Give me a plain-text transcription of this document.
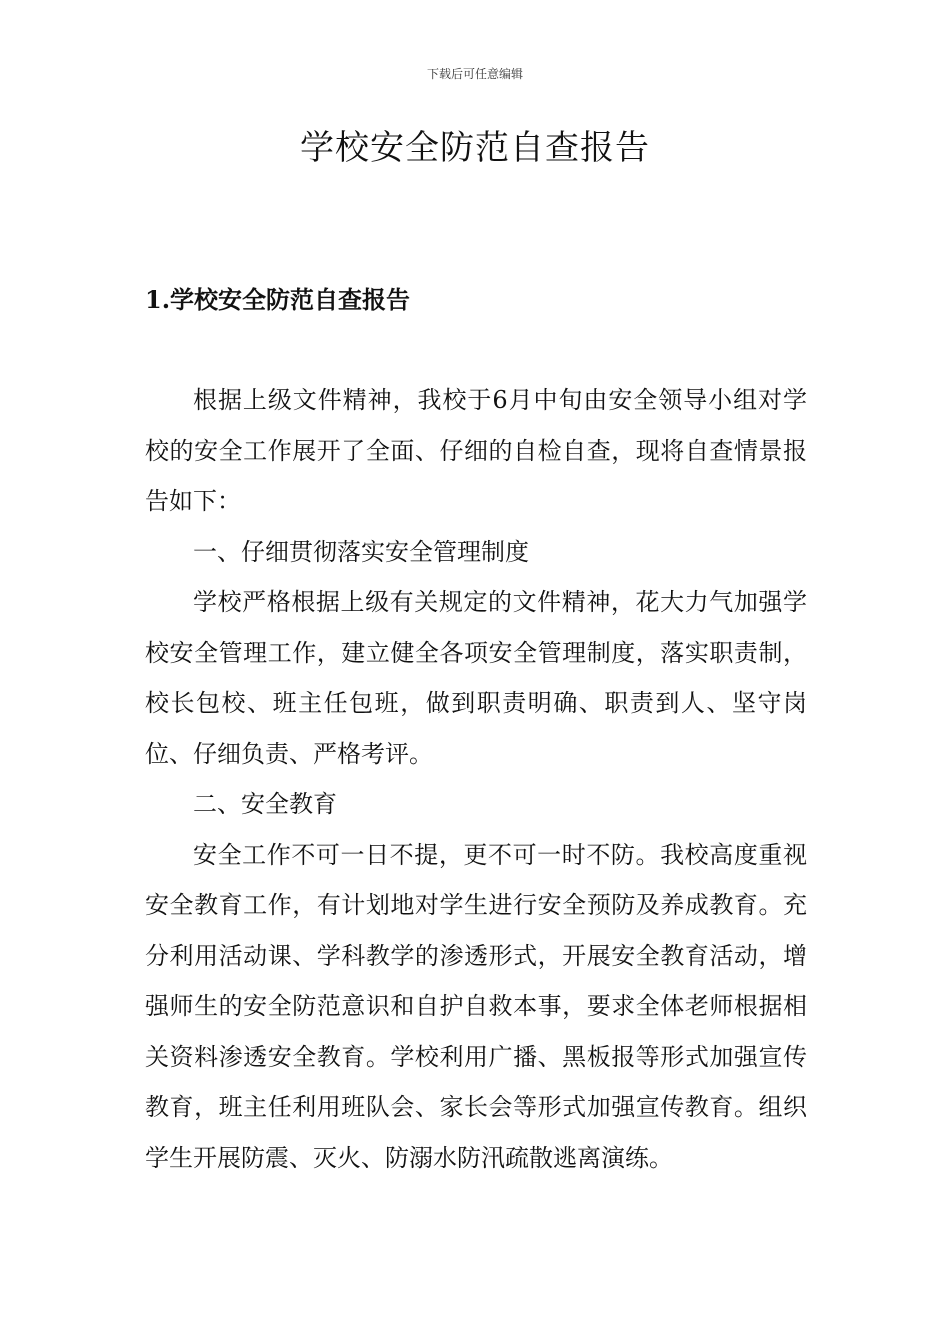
下载后可任意编辑
学校安全防范自查报告
1.学校安全防范自查报告

根据上级文件精神，我校于6月中旬由安全领导小组对学校的安全工作展开了全面、仔细的自检自查，现将自查情景报告如下：

一、仔细贯彻落实安全管理制度

学校严格根据上级有关规定的文件精神，花大力气加强学校安全管理工作，建立健全各项安全管理制度，落实职责制，校长包校、班主任包班，做到职责明确、职责到人、坚守岗位、仔细负责、严格考评。

二、安全教育

安全工作不可一日不提，更不可一时不防。我校高度重视安全教育工作，有计划地对学生进行安全预防及养成教育。充分利用活动课、学科教学的渗透形式，开展安全教育活动，增强师生的安全防范意识和自护自救本事，要求全体老师根据相关资料渗透安全教育。学校利用广播、黑板报等形式加强宣传教育，班主任利用班队会、家长会等形式加强宣传教育。组织学生开展防震、灭火、防溺水防汛疏散逃离演练。
